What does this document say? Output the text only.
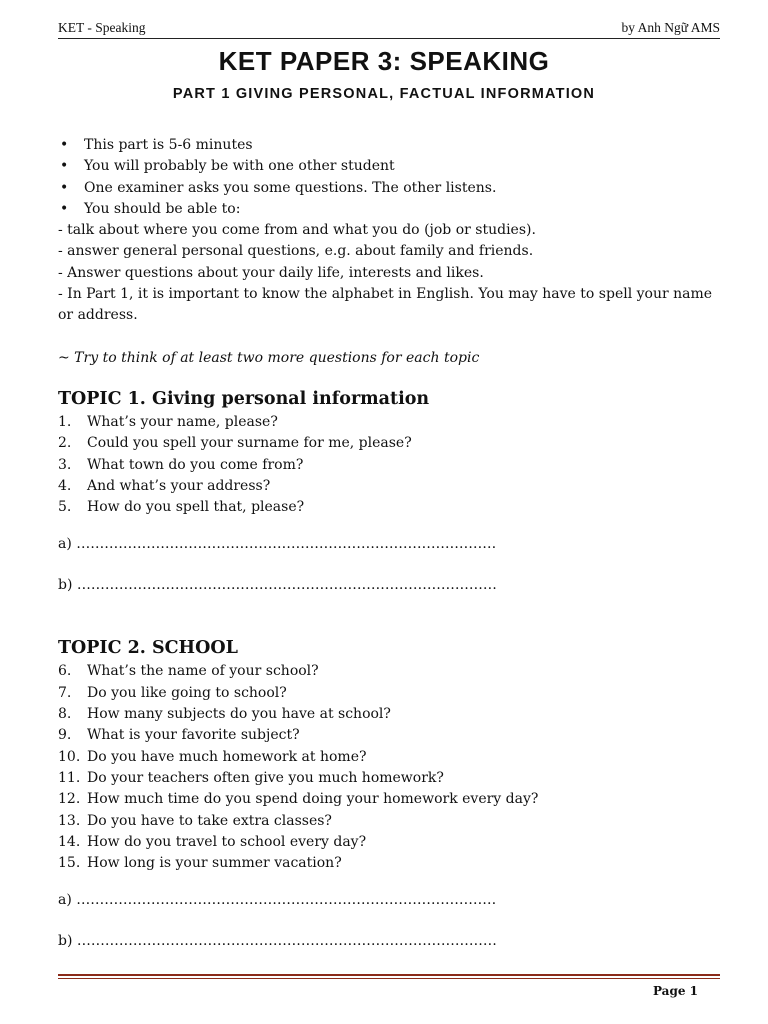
KET - Speaking	by Anh Ngữ AMS
KET PAPER 3: SPEAKING
PART 1 GIVING PERSONAL, FACTUAL INFORMATION
•	This part is 5-6 minutes
•	You will probably be with one other student
•	One examiner asks you some questions. The other listens.
•	You should be able to:
- talk about where you come from and what you do (job or studies).
- answer general personal questions, e.g. about family and friends.
- Answer questions about your daily life, interests and likes.
- In Part 1, it is important to know the alphabet in English. You may have to spell your name or address.
~ Try to think of at least two more questions for each topic
TOPIC 1. Giving personal information
1.	What’s your name, please?
2.	Could you spell your surname for me, please?
3.	What town do you come from?
4.	And what’s your address?
5.	How do you spell that, please?
a) ………………………………………………………………………………
b) ………………………………………………………………………………
TOPIC 2. SCHOOL
6.	What’s the name of your school?
7.	Do you like going to school?
8.	How many subjects do you have at school?
9.	What is your favorite subject?
10. Do you have much homework at home?
11. Do your teachers often give you much homework?
12. How much time do you spend doing your homework every day?
13. Do you have to take extra classes?
14. How do you travel to school every day?
15. How long is your summer vacation?
a) ………………………………………………………………………………
b) ………………………………………………………………………………
Page 1
